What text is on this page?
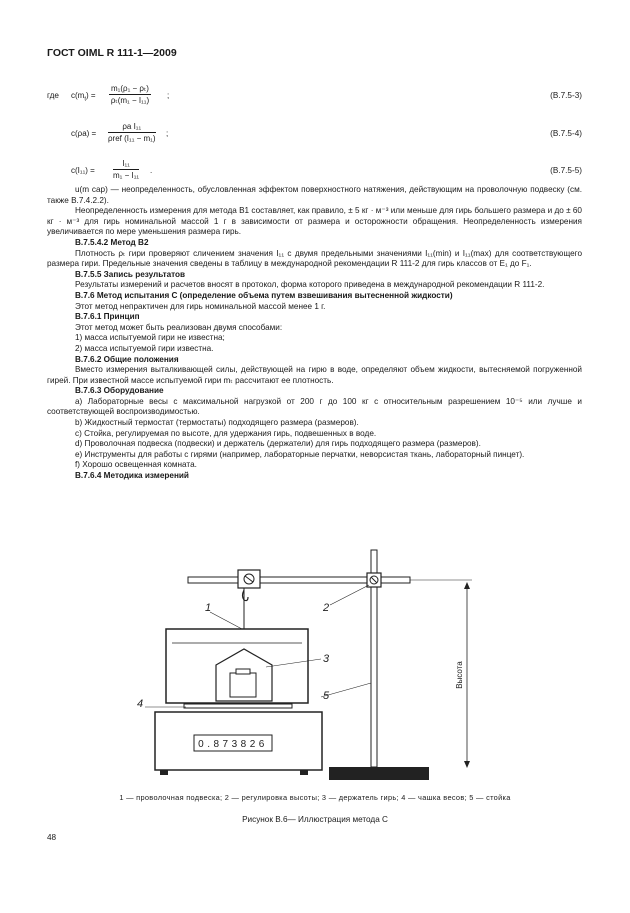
ГОСТ OIML R 111-1—2009
где $c(m_t) = \frac{\text{m₁(ρ₁ − ρₜ)}}{\text{ρₜ(m₁ − I₁₁)}}$ ;	(B.7.5-3)
c(ρa) =
ρa I₁₁
ρref (I₁₁ − m₁)
;	(B.7.5-4)
$c(I_{11}) = \frac{\text{I₁₁}}{\text{m₁ − I₁₁}}$ .	(B.7.5-5)
u(m cap) — неопределенность, обусловленная эффектом поверхностного натяжения, действующим на проволочную подвеску (см. также В.7.4.2.2).
Неопределенность измерения для метода В1 составляет, как правило, ± 5 кг · м⁻³ или меньше для гирь большего размера и до ± 60 кг · м⁻³ для гирь номинальной массой 1 г в зависимости от размера и осторожности обращения. Неопределенность измерения увеличивается по мере уменьшения размера гирь.
В.7.5.4.2 Метод В2
Плотность ρₜ гири проверяют сличением значения I₁₁ с двумя предельными значениями I₁₁(min) и I₁₁(max) для соответствующего размера гири. Предельные значения сведены в таблицу в международной рекомендации R 111-2 для гирь классов от E₁ до F₁.
В.7.5.5 Запись результатов
Результаты измерений и расчетов вносят в протокол, форма которого приведена в международной рекомендации R 111-2.
В.7.6 Метод испытания С (определение объема путем взвешивания вытесненной жидкости)
Этот метод непрактичен для гирь номинальной массой менее 1 г.
В.7.6.1 Принцип
Этот метод может быть реализован двумя способами:
1) масса испытуемой гири не известна;
2) масса испытуемой гири известна.
В.7.6.2 Общие положения
Вместо измерения выталкивающей силы, действующей на гирю в воде, определяют объем жидкости, вытесняемой погруженной гирей. При известной массе испытуемой гири mₜ рассчитают ее плотность.
В.7.6.3 Оборудование
a) Лабораторные весы с максимальной нагрузкой от 200 г до 100 кг с относительным разрешением 10⁻⁵ или лучше и соответствующей воспроизводимостью.
b) Жидкостный термостат (термостаты) подходящего размера (размеров).
c) Стойка, регулируемая по высоте, для удержания гирь, подвешенных в воде.
d) Проволочная подвеска (подвески) и держатель (держатели) для гирь подходящего размера (размеров).
e) Инструменты для работы с гирями (например, лабораторные перчатки, неворсистая ткань, лабораторный пинцет).
f) Хорошо освещенная комната.
В.7.6.4 Методика измерений
0.873826
Высота
1	2
3
4
5
1 — проволочная подвеска; 2 — регулировка высоты; 3 — держатель гирь; 4 — чашка весов; 5 — стойка
Рисунок В.6— Иллюстрация метода С
48
